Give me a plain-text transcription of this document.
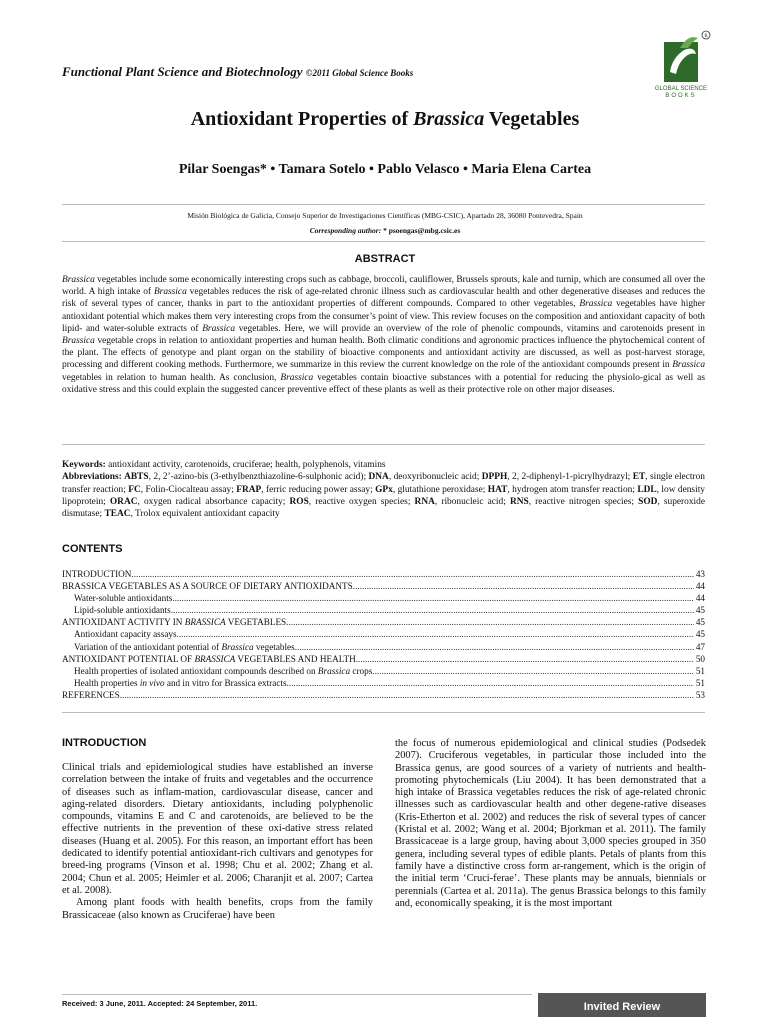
Functional Plant Science and Biotechnology ©2011 Global Science Books
R
GLOBAL SCIENCE
BOOKS
Antioxidant Properties of Brassica Vegetables
Pilar Soengas* • Tamara Sotelo • Pablo Velasco • Maria Elena Cartea
Misión Biológica de Galicia, Consejo Superior de Investigaciones Científicas (MBG-CSIC), Apartado 28, 36080 Pontevedra, Spain
Corresponding author: * psoengas@mbg.csic.es
ABSTRACT
Brassica vegetables include some economically interesting crops such as cabbage, broccoli, cauliflower, Brussels sprouts, kale and turnip, which are consumed all over the world. A high intake of Brassica vegetables reduces the risk of age-related chronic illness such as cardiovascular health and other degenerative diseases and reduces the risk of several types of cancer, thanks in part to the antioxidant properties of different compounds. Compared to other vegetables, Brassica vegetables have higher antioxidant potential which makes them very interesting crops from the consumer’s point of view. This review focuses on the composition and antioxidant capacity of both lipid- and water-soluble extracts of Brassica vegetables. Here, we will provide an overview of the role of phenolic compounds, vitamins and carotenoids present in Brassica vegetable crops in relation to antioxidant properties and human health. Both climatic conditions and agronomic practices influence the phytochemical content of the plant. The effects of genotype and plant organ on the stability of bioactive components and antioxidant activity are discussed, as well as post-harvest storage, processing and different cooking methods. Furthermore, we summarize in this review the current knowledge on the role of the antioxidant compounds present in Brassica vegetables in relation to human health. As conclusion, Brassica vegetables contain bioactive substances with a potential for reducing the physiolo-gical as well as oxidative stress and this could explain the suggested cancer preventive effect of these plants as well as their protective role on other major diseases.
Keywords: antioxidant activity, carotenoids, cruciferae; health, polyphenols, vitamins
Abbreviations: ABTS, 2, 2’-azino-bis (3-ethylbenzthiazoline-6-sulphonic acid); DNA, deoxyribonucleic acid; DPPH, 2, 2-diphenyl-1-picrylhydrazyl; ET, single electron transfer reaction; FC, Folin-Ciocalteau assay; FRAP, ferric reducing power assay; GPx, glutathione peroxidase; HAT, hydrogen atom transfer reaction; LDL, low density lipoprotein; ORAC, oxygen radical absorbance capacity; ROS, reactive oxygen species; RNA, ribonucleic acid; RNS, reactive nitrogen species; SOD, superoxide dismutase; TEAC, Trolox equivalent antioxidant capacity
CONTENTS
INTRODUCTION .....	43
BRASSICA VEGETABLES AS A SOURCE OF DIETARY ANTIOXIDANTS .....	44
Water-soluble antioxidants .....	44
Lipid-soluble antioxidants .....	45
ANTIOXIDANT ACTIVITY IN BRASSICA VEGETABLES .....	45
Antioxidant capacity assays .....	45
Variation of the antioxidant potential of Brassica vegetables .....	47
ANTIOXIDANT POTENTIAL OF BRASSICA VEGETABLES AND HEALTH .....	50
Health properties of isolated antioxidant compounds described on Brassica crops .....	51
Health properties in vivo and in vitro for Brassica extracts .....	51
REFERENCES .....	53
INTRODUCTION

Clinical trials and epidemiological studies have established an inverse correlation between the intake of fruits and vegetables and the occurrence of diseases such as inflam-mation, cardiovascular disease, cancer and aging-related disorders. Dietary antioxidants, including polyphenolic compounds, vitamins E and C and carotenoids, are believed to be the effective nutrients in the prevention of these oxi-dative stress related diseases (Huang et al. 2005). For this reason, an important effort has been dedicated to identify potential antioxidant-rich cultivars and genotypes for breed-ing programs (Vinson et al. 1998; Chu et al. 2002; Zhang et al. 2004; Chun et al. 2005; Heimler et al. 2006; Charanjit et al. 2007; Cartea et al. 2008).

Among plant foods with health benefits, crops from the family Brassicaceae (also known as Cruciferae) have been

the focus of numerous epidemiological and clinical studies (Podsedek 2007). Cruciferous vegetables, in particular those included into the Brassica genus, are good sources of a variety of nutrients and health-promoting phytochemicals (Liu 2004). It has been demonstrated that a high intake of Brassica vegetables reduces the risk of age-related chronic illnesses such as cardiovascular health and other degene-rative diseases (Kris-Etherton et al. 2002) and reduces the risk of several types of cancer (Kristal et al. 2002; Wang et al. 2004; Bjorkman et al. 2011). The family Brassicaceae is a large group, having about 3,000 species grouped in 350 genera, including several types of edible plants. Petals of plants from this family have a distinctive cross form ar-rangement, which is the origin of the initial term ‘Cruci-ferae’. These plants may be annuals, biennials or perennials (Cartea et al. 2011a). The genus Brassica belongs to this family and, economically speaking, it is the most important

Received: 3 June, 2011. Accepted: 24 September, 2011.	Invited Review
